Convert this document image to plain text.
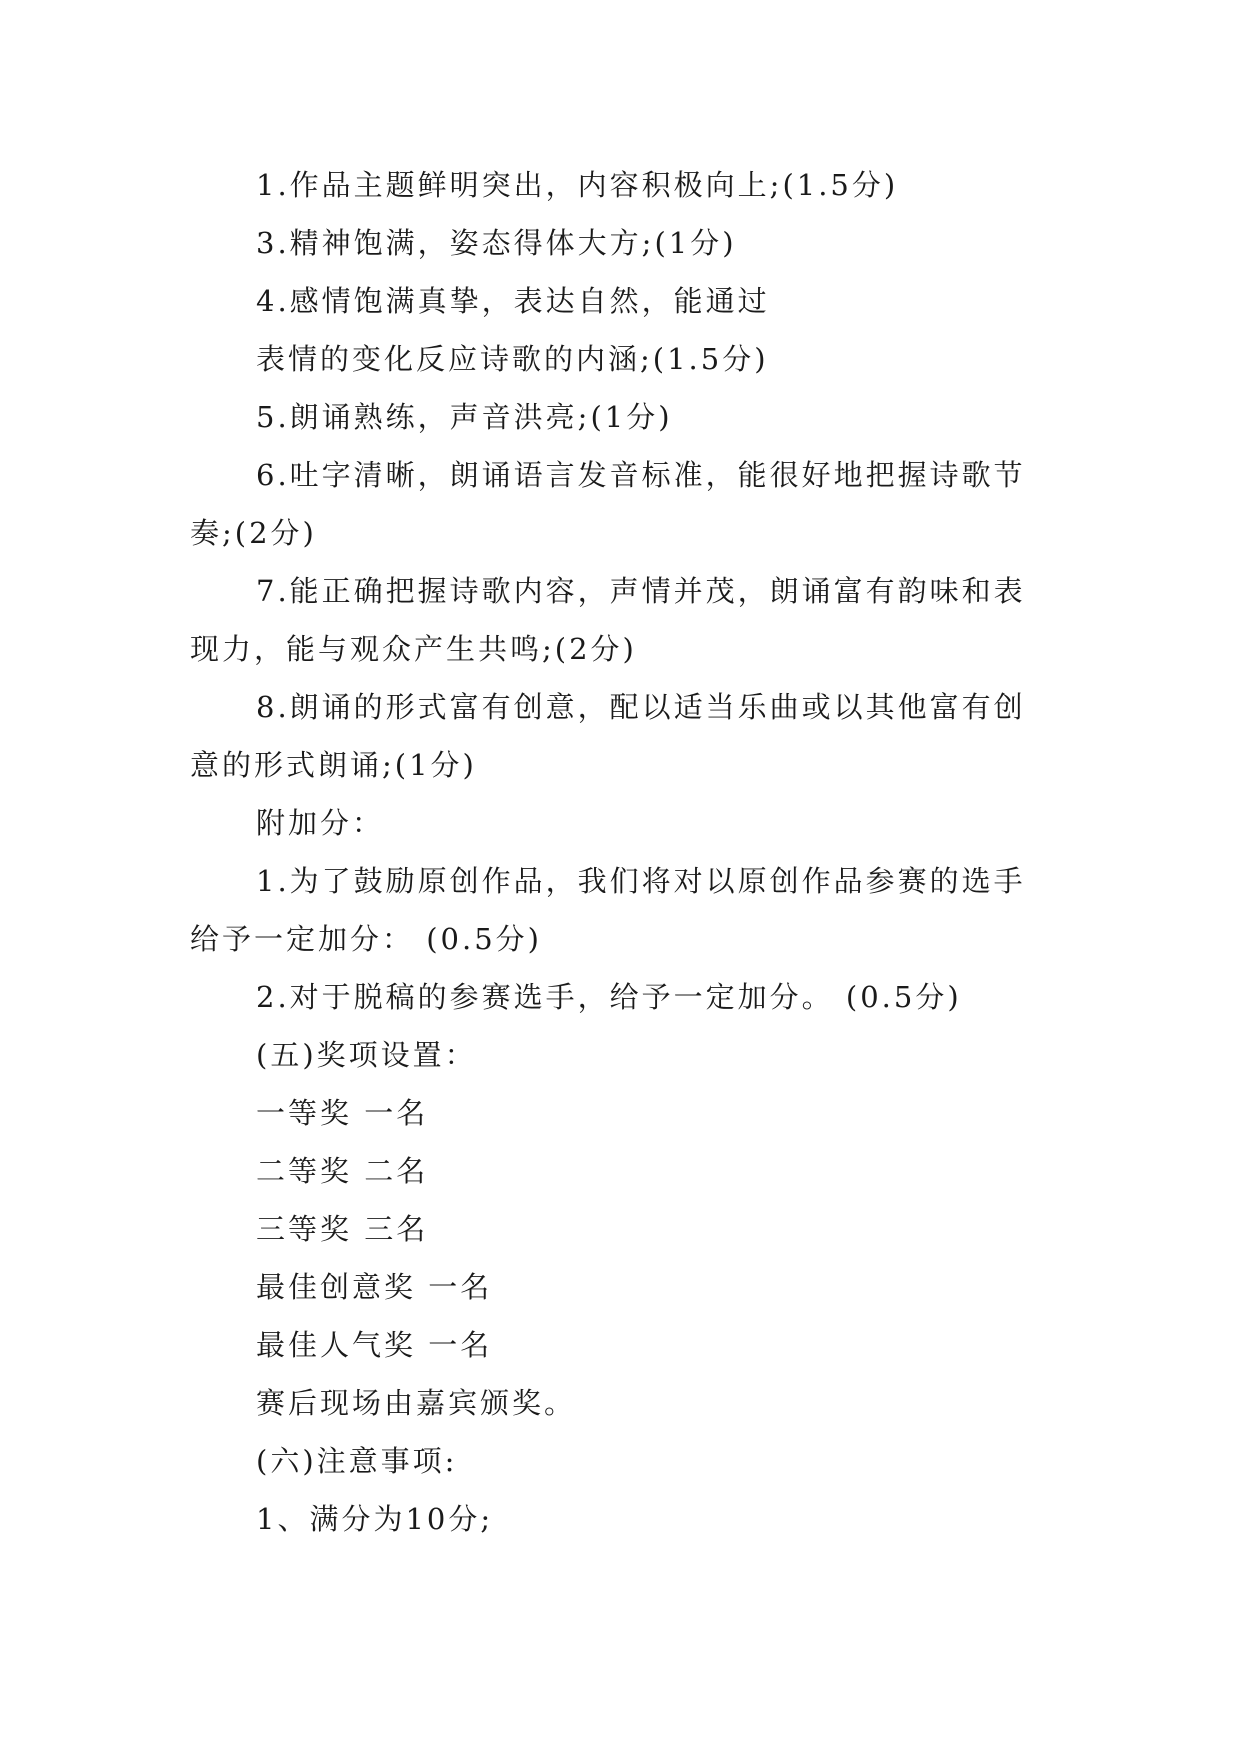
1.作品主题鲜明突出，内容积极向上;(1.5分)
3.精神饱满，姿态得体大方;(1分)
4.感情饱满真挚，表达自然，能通过
表情的变化反应诗歌的内涵;(1.5分)
5.朗诵熟练，声音洪亮;(1分)
6.吐字清晰，朗诵语言发音标准，能很好地把握诗歌节
奏;(2分)
7.能正确把握诗歌内容，声情并茂，朗诵富有韵味和表
现力，能与观众产生共鸣;(2分)
8.朗诵的形式富有创意，配以适当乐曲或以其他富有创
意的形式朗诵;(1分)
附加分：
1.为了鼓励原创作品，我们将对以原创作品参赛的选手
给予一定加分： (0.5分)
2.对于脱稿的参赛选手，给予一定加分。 (0.5分)
(五)奖项设置：
一等奖 一名
二等奖 二名
三等奖 三名
最佳创意奖 一名
最佳人气奖 一名
赛后现场由嘉宾颁奖。
(六)注意事项:
1、满分为10分;
